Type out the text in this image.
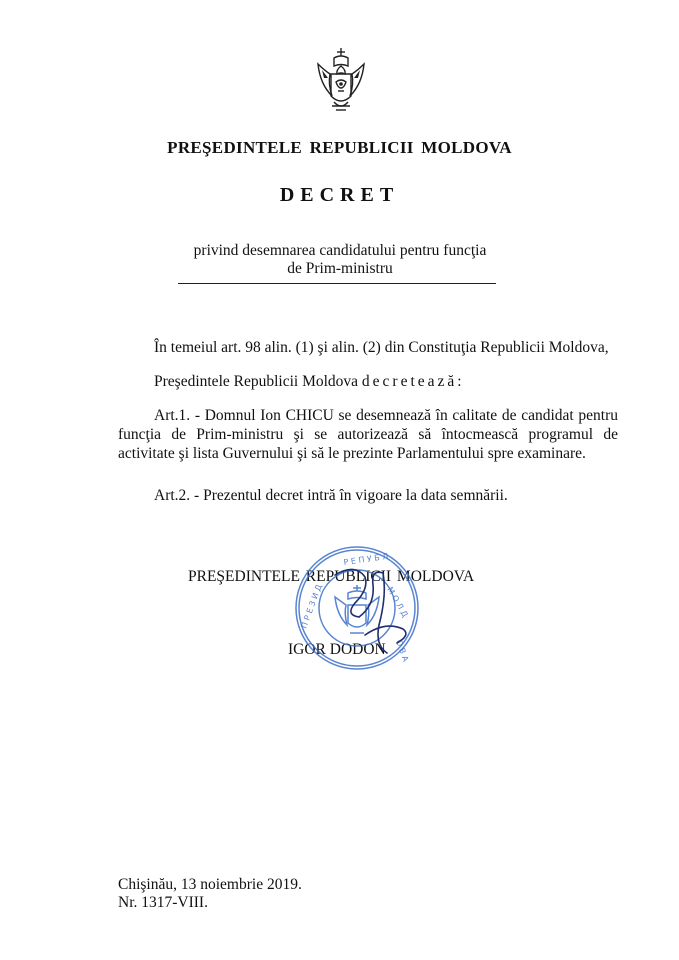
PREŞEDINTELE REPUBLICII MOLDOVA
DECRET
privind desemnarea candidatului pentru funcţia
de Prim-ministru
În temeiul art. 98 alin. (1) şi alin. (2) din Constituţia Republicii Moldova,
Preşedintele Republicii Moldova decretează:
Art.1. - Domnul Ion CHICU se desemnează în calitate de candidat pentru funcţia de Prim-ministru şi se autorizează să întocmească programul de activitate şi lista Guvernului şi să le prezinte Parlamentului spre examinare.
Art.2. - Prezentul decret intră în vigoare la data semnării.
PREŞEDINTELE REPUBLICII MOLDOVA
IGOR DODON
Р Е П У Б Л
М О Л Д
П Р Е З И Д
О В А
Chişinău, 13 noiembrie 2019.
Nr. 1317-VIII.
